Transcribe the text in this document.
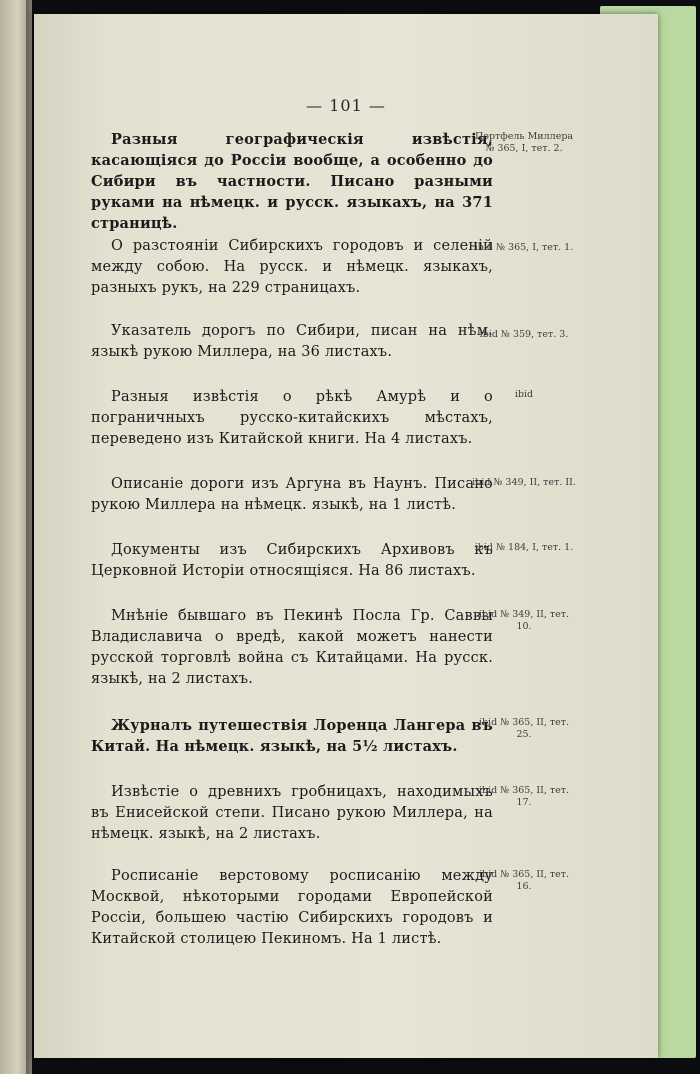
— 101 —
Разныя географическія извѣстія, касающіяся до Россіи вообще, а особенно до Сибири въ частности. Писано разными руками на нѣмецк. и русск. языкахъ, на 371 страницѣ.
Портфель Миллера № 365, I, тет. 2.
О разстояніи Сибирскихъ городовъ и селеній между собою. На русск. и нѣмецк. языкахъ, разныхъ рукъ, на 229 страницахъ.
ibid № 365, I, тет. 1.
Указатель дорогъ по Сибири, писан на нѣм. языкѣ рукою Миллера, на 36 листахъ.
ibid № 359, тет. 3.
Разныя извѣстія о рѣкѣ Амурѣ и о пограничныхъ русско-китайскихъ мѣстахъ, переведено изъ Китайской книги. На 4 листахъ.
ibid
Описаніе дороги изъ Аргуна въ Наунъ. Писано рукою Миллера на нѣмецк. языкѣ, на 1 листѣ.
ibid № 349, II, тет. II.
Документы изъ Сибирскихъ Архивовъ къ Церковной Исторіи относящіяся. На 86 листахъ.
ibid № 184, I, тет. 1.
Мнѣніе бывшаго въ Пекинѣ Посла Гр. Саввы Владиславича о вредѣ, какой можетъ нанести русской торговлѣ война съ Китайцами. На русск. языкѣ, на 2 листахъ.
ibid № 349, II, тет. 10.
Журналъ путешествія Лоренца Лангера въ Китай. На нѣмецк. языкѣ, на 5½ листахъ.
ibid № 365, II, тет. 25.
Извѣстіе о древнихъ гробницахъ, находимыхъ въ Енисейской степи. Писано рукою Миллера, на нѣмецк. языкѣ, на 2 листахъ.
ibid № 365, II, тет. 17.
Росписаніе верстовому росписанію между Москвой, нѣкоторыми городами Европейской Россіи, большею частію Сибирскихъ городовъ и Китайской столицею Пекиномъ. На 1 листѣ.
ibid № 365, II, тет. 16.
